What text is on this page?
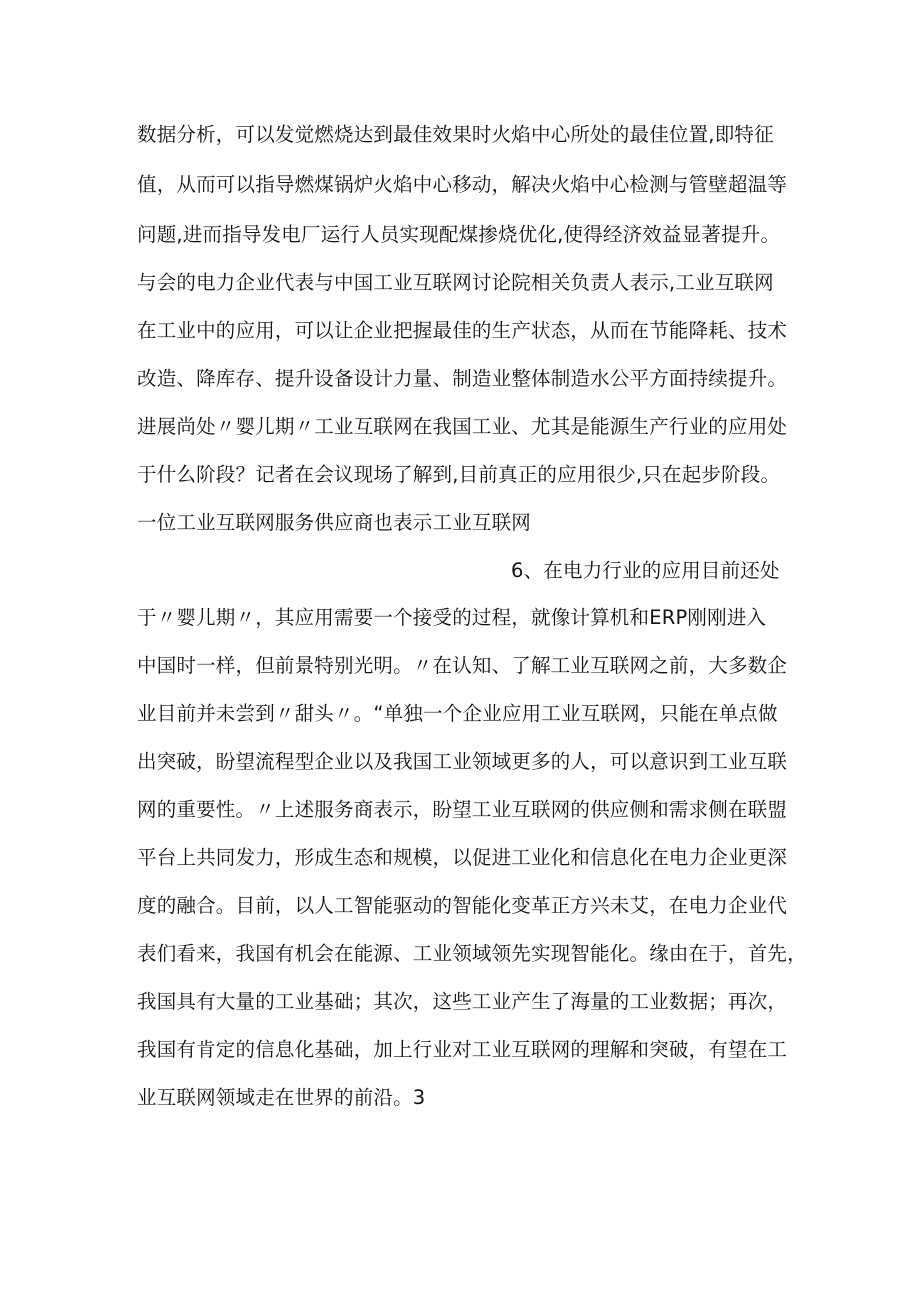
数据分析，可以发觉燃烧达到最佳效果时火焰中心所处的最佳位置,即特征
值，从而可以指导燃煤锅炉火焰中心移动，解决火焰中心检测与管壁超温等
问题,进而指导发电厂运行人员实现配煤掺烧优化,使得经济效益显著提升。
与会的电力企业代表与中国工业互联网讨论院相关负责人表示,工业互联网
在工业中的应用，可以让企业把握最佳的生产状态，从而在节能降耗、技术
改造、降库存、提升设备设计力量、制造业整体制造水公平方面持续提升。
进展尚处〃婴儿期〃工业互联网在我国工业、尤其是能源生产行业的应用处
于什么阶段？记者在会议现场了解到,目前真正的应用很少,只在起步阶段。
一位工业互联网服务供应商也表示工业互联网
6、在电力行业的应用目前还处
于〃婴儿期〃，其应用需要一个接受的过程，就像计算机和ERP刚刚进入
中国时一样，但前景特别光明。〃在认知、了解工业互联网之前，大多数企
业目前并未尝到〃甜头〃。“单独一个企业应用工业互联网，只能在单点做
出突破，盼望流程型企业以及我国工业领域更多的人，可以意识到工业互联
网的重要性。〃上述服务商表示，盼望工业互联网的供应侧和需求侧在联盟
平台上共同发力，形成生态和规模，以促进工业化和信息化在电力企业更深
度的融合。目前，以人工智能驱动的智能化变革正方兴未艾，在电力企业代
表们看来，我国有机会在能源、工业领域领先实现智能化。缘由在于，首先，
我国具有大量的工业基础；其次，这些工业产生了海量的工业数据；再次，
我国有肯定的信息化基础，加上行业对工业互联网的理解和突破，有望在工
业互联网领域走在世界的前沿。3
